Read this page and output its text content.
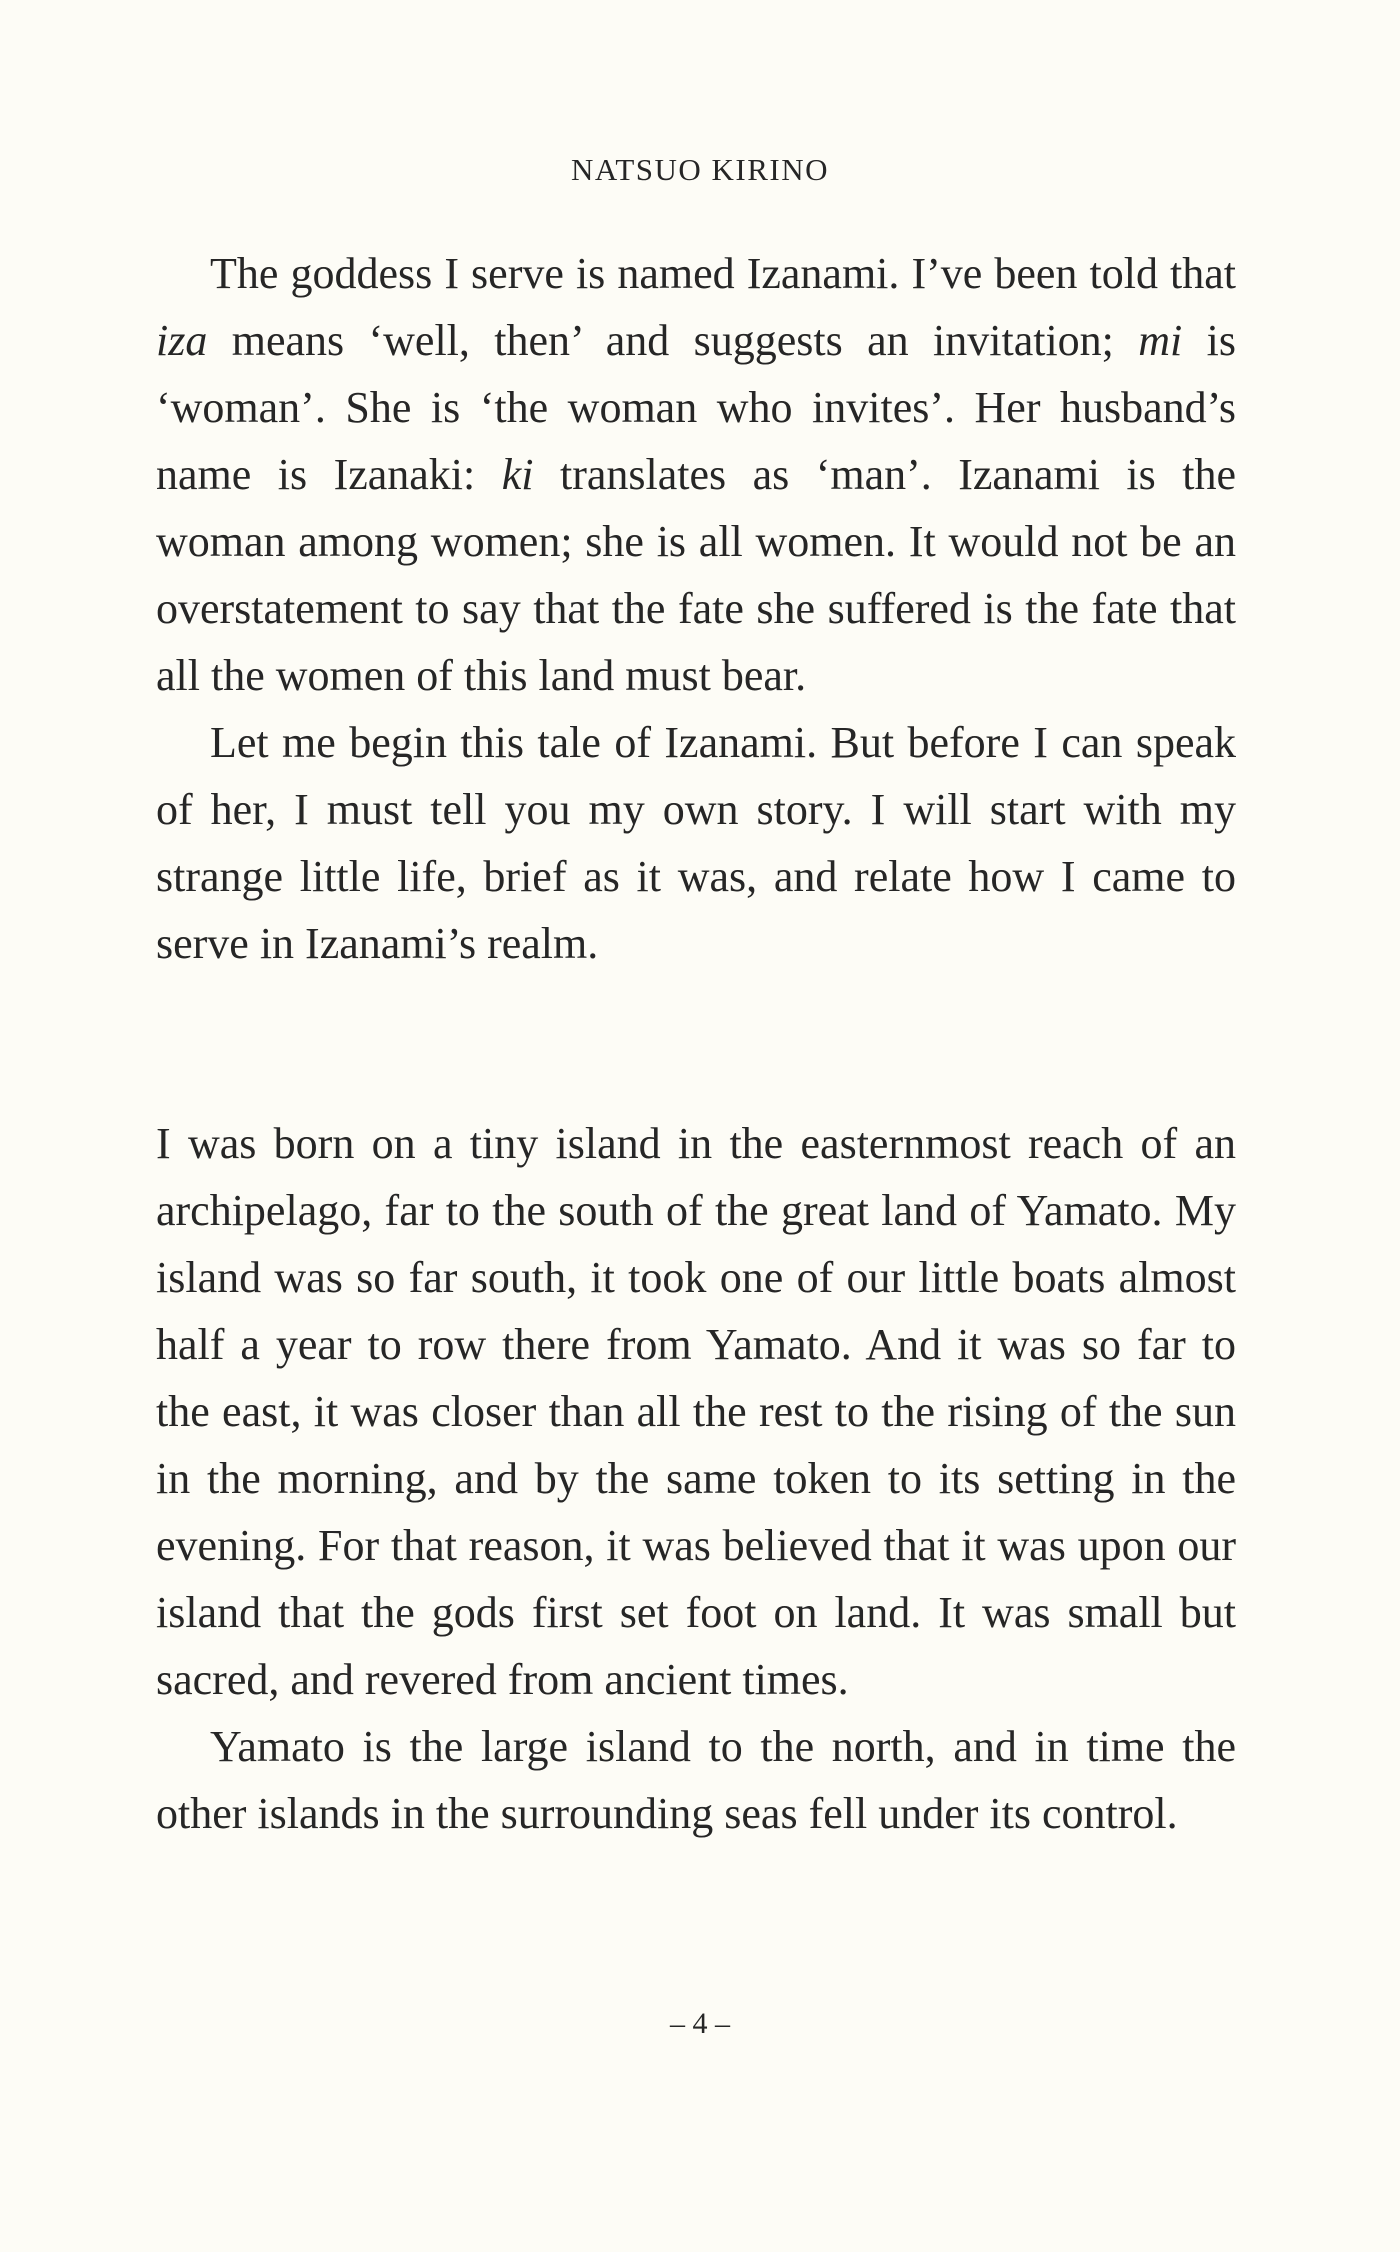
NATSUO KIRINO

The goddess I serve is named Izanami. I’ve been told that iza means ‘well, then’ and suggests an invitation; mi is ‘woman’. She is ‘the woman who invites’. Her husband’s name is Izanaki: ki translates as ‘man’. Izanami is the woman among women; she is all women. It would not be an overstatement to say that the fate she suffered is the fate that all the women of this land must bear.

Let me begin this tale of Izanami. But before I can speak of her, I must tell you my own story. I will start with my strange little life, brief as it was, and relate how I came to serve in Izanami’s realm.

I was born on a tiny island in the easternmost reach of an archipelago, far to the south of the great land of Yamato. My island was so far south, it took one of our little boats almost half a year to row there from Yamato. And it was so far to the east, it was closer than all the rest to the rising of the sun in the morning, and by the same token to its setting in the evening. For that reason, it was believed that it was upon our island that the gods first set foot on land. It was small but sacred, and revered from ancient times.

Yamato is the large island to the north, and in time the other islands in the surrounding seas fell under its control.

– 4 –
